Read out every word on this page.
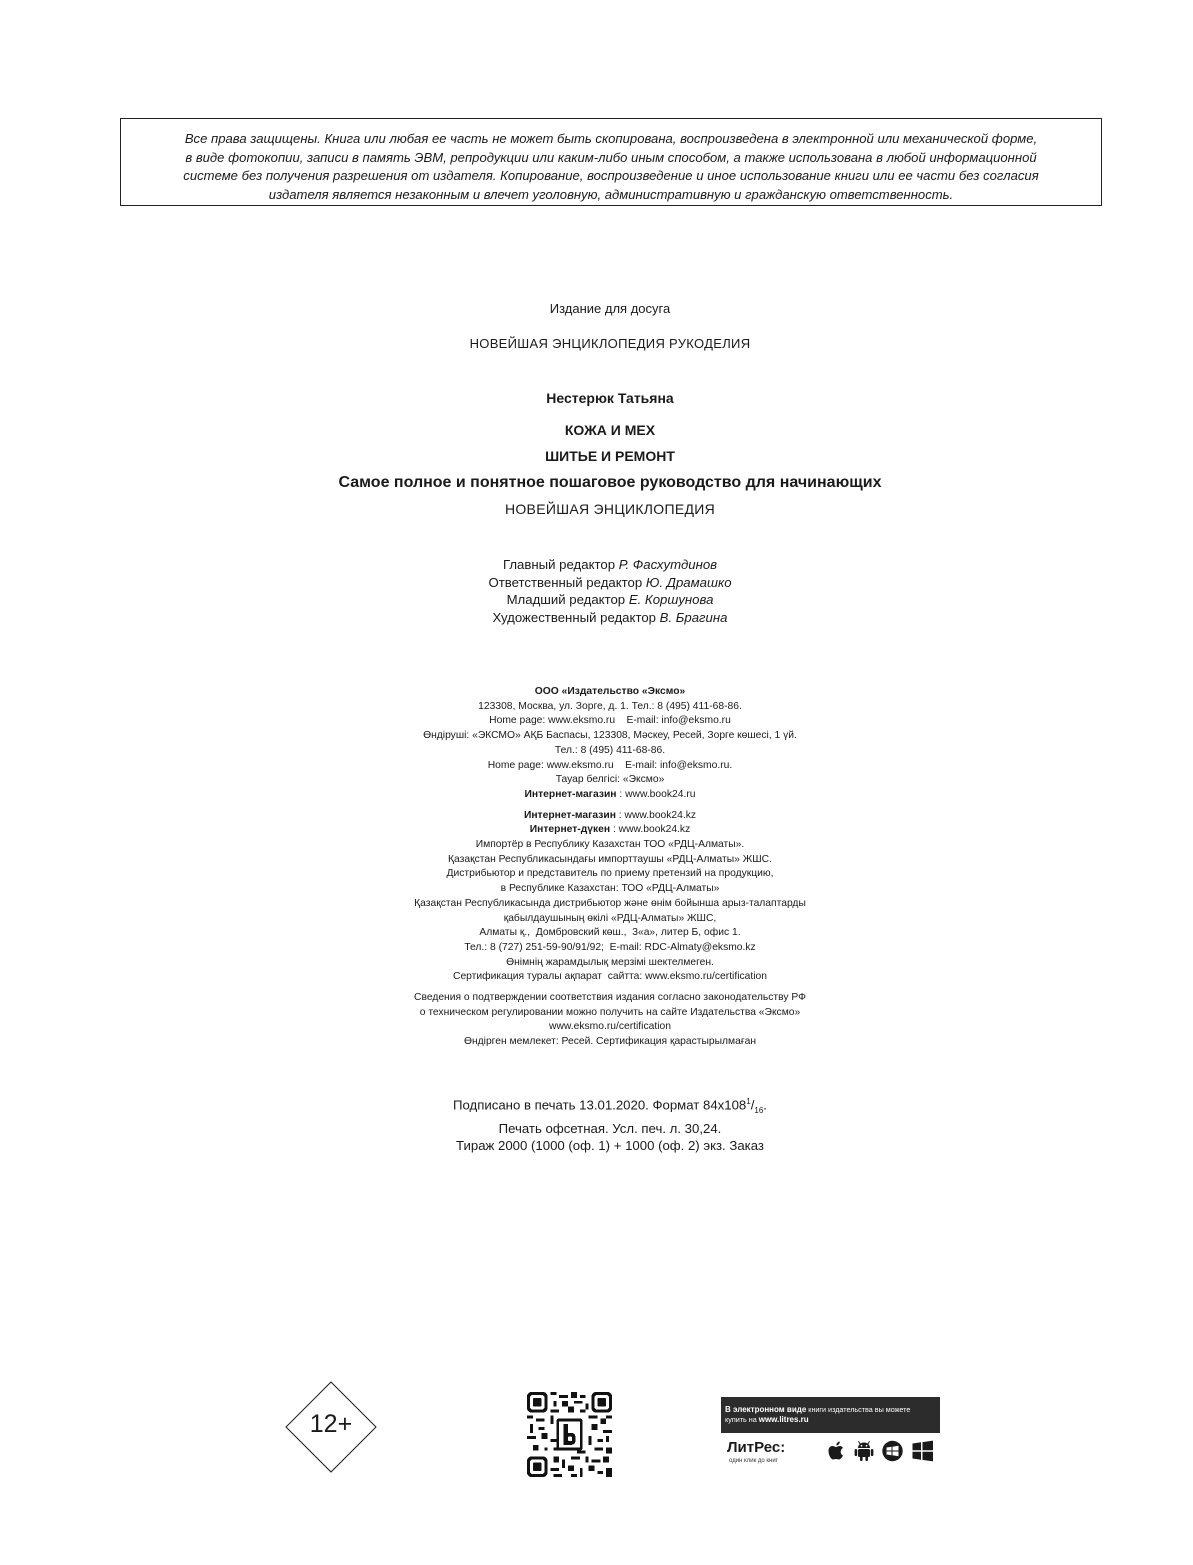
Все права защищены. Книга или любая ее часть не может быть скопирована, воспроизведена в электронной или механической форме,
в виде фотокопии, записи в память ЭВМ, репродукции или каким-либо иным способом, а также использована в любой информационной
системе без получения разрешения от издателя. Копирование, воспроизведение и иное использование книги или ее части без согласия
издателя является незаконным и влечет уголовную, административную и гражданскую ответственность.
Издание для досуга
НОВЕЙШАЯ ЭНЦИКЛОПЕДИЯ РУКОДЕЛИЯ
Нестерюк Татьяна
КОЖА И МЕХ
ШИТЬЕ И РЕМОНТ
Самое полное и понятное пошаговое руководство для начинающих
НОВЕЙШАЯ ЭНЦИКЛОПЕДИЯ
Главный редактор Р. Фасхутдинов
Ответственный редактор Ю. Драмашко
Младший редактор Е. Коршунова
Художественный редактор В. Брагина
ООО «Издательство «Эксмо»
123308, Москва, ул. Зорге, д. 1. Тел.: 8 (495) 411-68-86.
Home page: www.eksmo.ru    E-mail: info@eksmo.ru
Өндіруші: «ЭКСМО» АҚБ Баспасы, 123308, Мәскеу, Ресей, Зорге көшесі, 1 үй.
Тел.: 8 (495) 411-68-86.
Home page: www.eksmo.ru    E-mail: info@eksmo.ru.
Тауар белгісі: «Эксмо»
Интернет-магазин : www.book24.ru
Интернет-магазин : www.book24.kz
Интернет-дүкен : www.book24.kz
Импортёр в Республику Казахстан ТОО «РДЦ-Алматы».
Қазақстан Республикасындағы импорттаушы «РДЦ-Алматы» ЖШС.
Дистрибьютор и представитель по приему претензий на продукцию,
в Республике Казахстан: ТОО «РДЦ-Алматы»
Қазақстан Республикасында дистрибьютор және өнім бойынша арыз-талаптарды
қабылдаушының өкілі «РДЦ-Алматы» ЖШС,
Алматы қ.,  Домбровский көш.,  3«а», литер Б, офис 1.
Тел.: 8 (727) 251-59-90/91/92;  E-mail: RDC-Almaty@eksmo.kz
Өнімнің жарамдылық мерзімі шектелмеген.
Сертификация туралы ақпарат  сайтта: www.eksmo.ru/certification
Сведения о подтверждении соответствия издания согласно законодательству РФ
о техническом регулировании можно получить на сайте Издательства «Эксмо»
www.eksmo.ru/certification
Өндірген мемлекет: Ресей. Сертификация қарастырылмаған
Подписано в печать 13.01.2020. Формат $84х108^1/_{16}$.
Печать офсетная. Усл. печ. л. 30,24.
Тираж 2000 (1000 (оф. 1) + 1000 (оф. 2) экз. Заказ
12+
В электронном виде книги издательства вы можете
купить на www.litres.ru
ЛитРес:
один клик до книг
